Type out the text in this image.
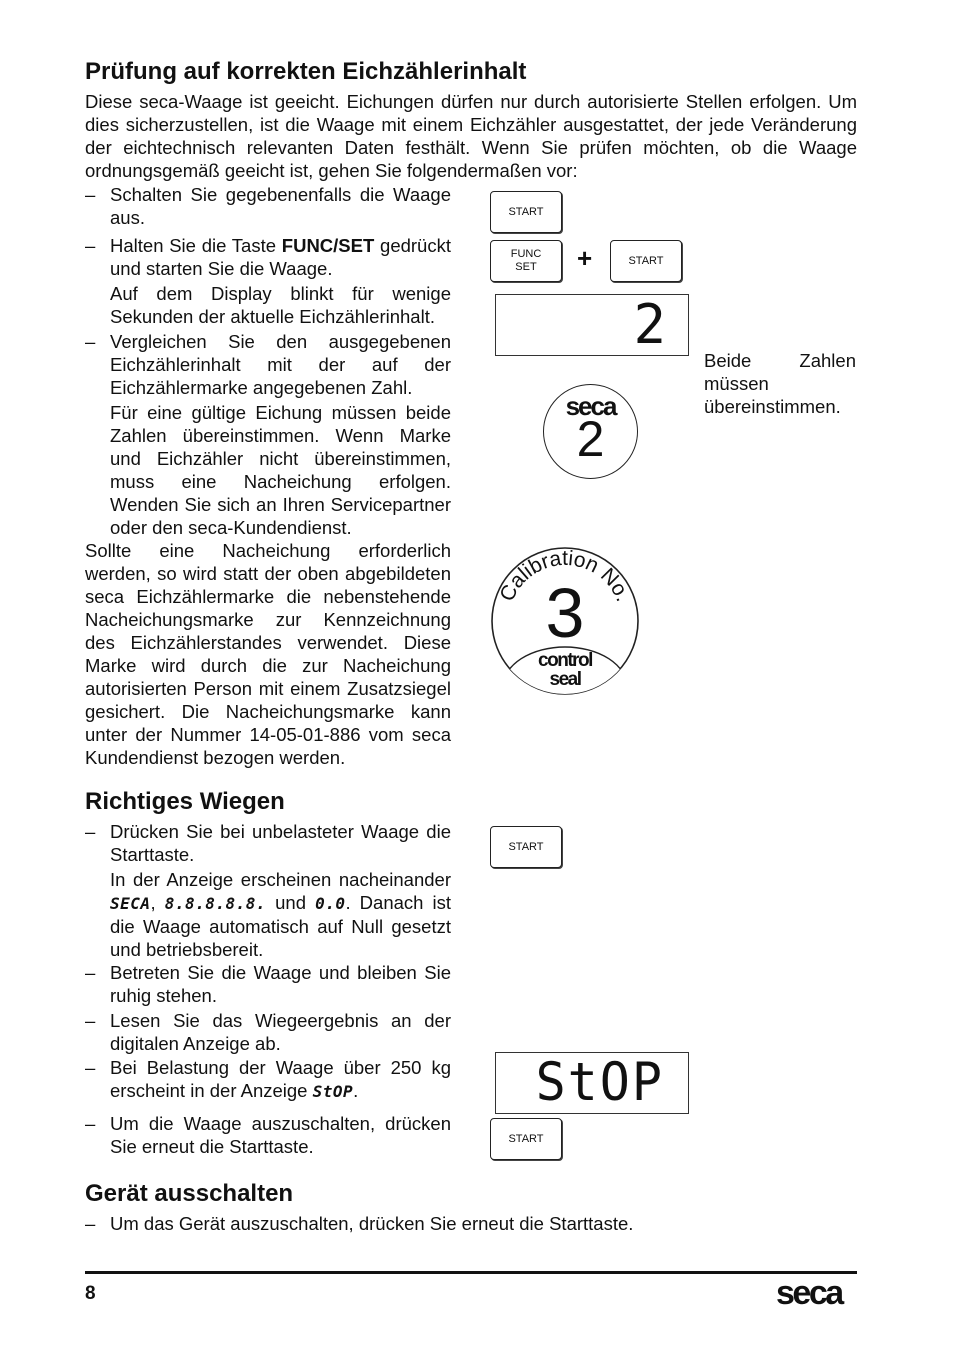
Prüfung auf korrekten Eichzählerinhalt

Diese seca-Waage ist geeicht. Eichungen dürfen nur durch autorisierte Stellen erfolgen. Um dies sicherzustellen, ist die Waage mit einem Eichzähler ausgestattet, der jede Veränderung der eichtechnisch relevanten Daten festhält. Wenn Sie prüfen möchten, ob die Waage ordnungsgemäß geeicht ist, gehen Sie folgendermaßen vor:

– Schalten Sie gegebenenfalls die Waage aus.

– Halten Sie die Taste FUNC/SET gedrückt und starten Sie die Waage.

Auf dem Display blinkt für wenige Sekunden der aktuelle Eichzählerinhalt.

– Vergleichen Sie den ausgegebenen Eichzählerinhalt mit der auf der Eichzählermarke angegebenen Zahl.

Für eine gültige Eichung müssen beide Zahlen übereinstimmen. Wenn Marke und Eichzähler nicht übereinstimmen, muss eine Nacheichung erfolgen. Wenden Sie sich an Ihren Servicepartner oder den seca-Kundendienst.

Sollte eine Nacheichung erforderlich werden, so wird statt der oben abgebildeten seca Eichzählermarke die nebenstehende Nacheichungsmarke zur Kennzeichnung des Eichzählerstandes verwendet. Diese Marke wird durch die zur Nacheichung autorisierten Person mit einem Zusatzsiegel gesichert. Die Nacheichungsmarke kann unter der Nummer 14-05-01-886 vom seca Kundendienst bezogen werden.

START
FUNC
SET +	START
2

Beide Zahlen müssen übereinstimmen.

seca
2
Calibration No.
3
control
seal
Richtiges Wiegen
– Drücken Sie bei unbelasteter Waage die Starttaste.

In der Anzeige erscheinen nacheinander SECA, 8.8.8.8.8. und 0.0. Danach ist die Waage automatisch auf Null gesetzt und betriebsbereit.

– Betreten Sie die Waage und bleiben Sie ruhig stehen.

– Lesen Sie das Wiegeergebnis an der digitalen Anzeige ab.

– Bei Belastung der Waage über 250 kg erscheint in der Anzeige StOP.

– Um die Waage auszuschalten, drücken Sie erneut die Starttaste.

START
StOP
START
Gerät ausschalten
– Um das Gerät auszuschalten, drücken Sie erneut die Starttaste.
8	seca
